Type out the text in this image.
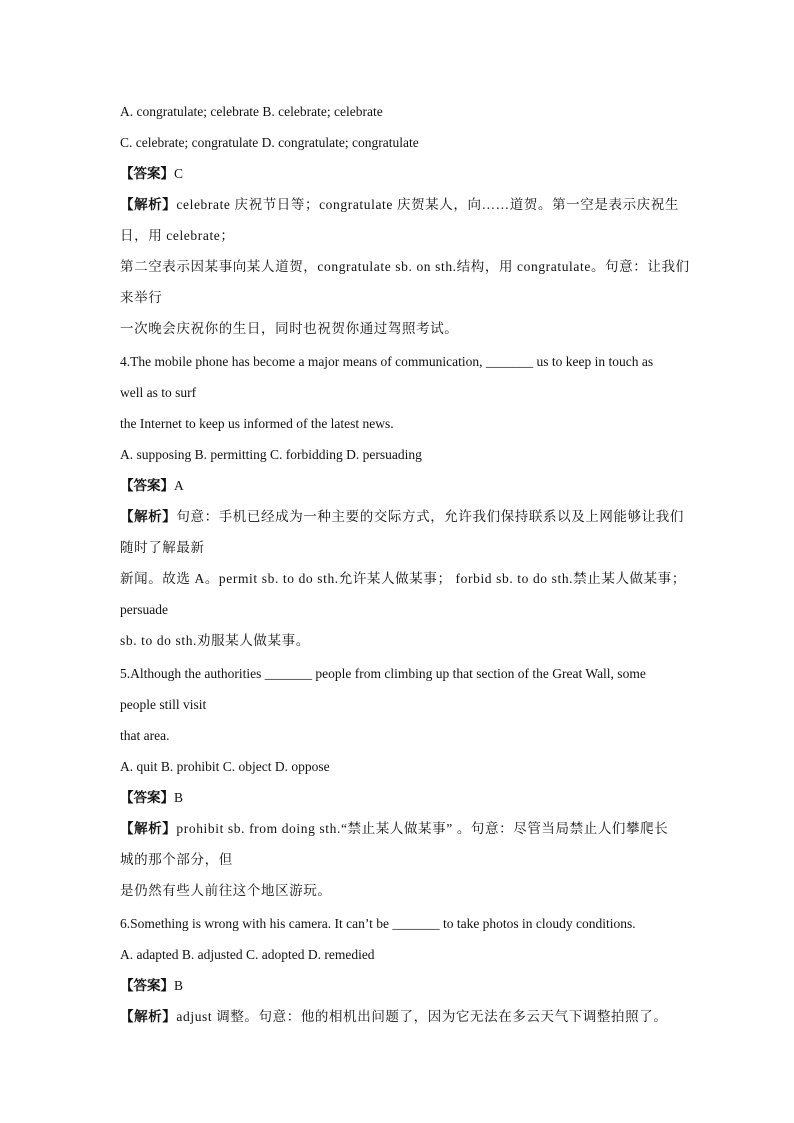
A. congratulate; celebrate B. celebrate; celebrate

C. celebrate; congratulate D. congratulate; congratulate

【答案】C

【解析】celebrate 庆祝节日等；congratulate 庆贺某人，向……道贺。第一空是表示庆祝生

日，用 celebrate；

第二空表示因某事向某人道贺，congratulate sb. on sth.结构，用 congratulate。句意：让我们

来举行

一次晚会庆祝你的生日，同时也祝贺你通过驾照考试。

4.The mobile phone has become a major means of communication, _______ us to keep in touch as

well as to surf

the Internet to keep us informed of the latest news.

A. supposing B. permitting C. forbidding D. persuading

【答案】A

【解析】句意：手机已经成为一种主要的交际方式，允许我们保持联系以及上网能够让我们

随时了解最新

新闻。故选 A。permit sb. to do sth.允许某人做某事； forbid sb. to do sth.禁止某人做某事；

persuade

sb. to do sth.劝服某人做某事。

5.Although the authorities _______ people from climbing up that section of the Great Wall, some

people still visit

that area.

A. quit B. prohibit C. object D. oppose

【答案】B

【解析】prohibit sb. from doing sth.“禁止某人做某事” 。句意：尽管当局禁止人们攀爬长

城的那个部分，但

是仍然有些人前往这个地区游玩。

6.Something is wrong with his camera. It can’t be _______ to take photos in cloudy conditions.

A. adapted B. adjusted C. adopted D. remedied

【答案】B

【解析】adjust 调整。句意：他的相机出问题了，因为它无法在多云天气下调整拍照了。
